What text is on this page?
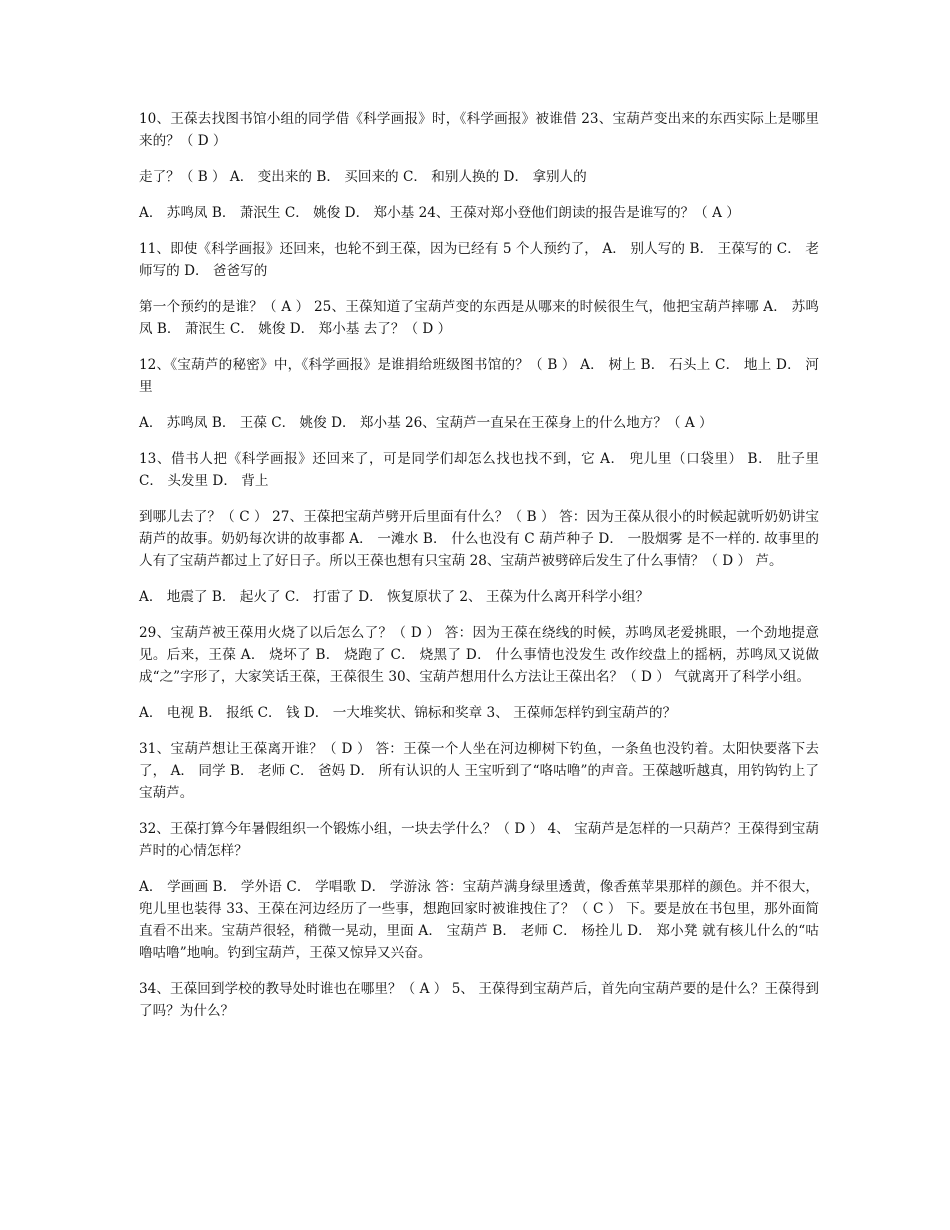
10、王葆去找图书馆小组的同学借《科学画报》时，《科学画报》被谁借 23、宝葫芦变出来的东西实际上是哪里来的？（ D ）

走了？（ B ） A． 变出来的 B． 买回来的 C． 和别人换的 D． 拿别人的

A． 苏鸣凤 B． 萧泯生 C． 姚俊 D． 郑小基 24、王葆对郑小登他们朗读的报告是谁写的？（ A ）

11、即使《科学画报》还回来，也轮不到王葆，因为已经有 5 个人预约了， A． 别人写的 B． 王葆写的 C． 老师写的 D． 爸爸写的

第一个预约的是谁？（ A ） 25、王葆知道了宝葫芦变的东西是从哪来的时候很生气，他把宝葫芦摔哪 A． 苏鸣凤 B． 萧泯生 C． 姚俊 D． 郑小基 去了？（ D ）

12、《宝葫芦的秘密》中，《科学画报》是谁捐给班级图书馆的？（ B ） A． 树上 B． 石头上 C． 地上 D． 河里

A． 苏鸣凤 B． 王葆 C． 姚俊 D． 郑小基 26、宝葫芦一直呆在王葆身上的什么地方？（ A ）

13、借书人把《科学画报》还回来了，可是同学们却怎么找也找不到，它 A． 兜儿里（口袋里） B． 肚子里 C． 头发里 D． 背上

到哪儿去了？（ C ） 27、王葆把宝葫芦劈开后里面有什么？（ B ） 答：因为王葆从很小的时候起就听奶奶讲宝葫芦的故事。奶奶每次讲的故事都 A． 一滩水 B． 什么也没有 C 葫芦种子 D． 一股烟雾 是不一样的. 故事里的人有了宝葫芦都过上了好日子。所以王葆也想有只宝葫 28、宝葫芦被劈碎后发生了什么事情？（ D ） 芦。

A． 地震了 B． 起火了 C． 打雷了 D． 恢复原状了 2、 王葆为什么离开科学小组？

29、宝葫芦被王葆用火烧了以后怎么了？（ D ） 答：因为王葆在绕线的时候，苏鸣凤老爱挑眼，一个劲地提意见。后来，王葆 A． 烧坏了 B． 烧跑了 C． 烧黑了 D． 什么事情也没发生 改作绞盘上的摇柄，苏鸣凤又说做成“之”字形了，大家笑话王葆，王葆很生 30、宝葫芦想用什么方法让王葆出名？（ D ） 气就离开了科学小组。

A． 电视 B． 报纸 C． 钱 D． 一大堆奖状、锦标和奖章 3、 王葆师怎样钓到宝葫芦的？

31、宝葫芦想让王葆离开谁？（ D ） 答：王葆一个人坐在河边柳树下钓鱼，一条鱼也没钓着。太阳快要落下去了， A． 同学 B． 老师 C． 爸妈 D． 所有认识的人 王宝听到了“咯咕噜”的声音。王葆越听越真，用钓钩钓上了宝葫芦。

32、王葆打算今年暑假组织一个锻炼小组，一块去学什么？（ D ） 4、 宝葫芦是怎样的一只葫芦？王葆得到宝葫芦时的心情怎样？

A． 学画画 B． 学外语 C． 学唱歌 D． 学游泳 答：宝葫芦满身绿里透黄，像香蕉苹果那样的颜色。并不很大，兜儿里也装得 33、王葆在河边经历了一些事，想跑回家时被谁拽住了？（ C ） 下。要是放在书包里，那外面简直看不出来。宝葫芦很轻，稍微一晃动，里面 A． 宝葫芦 B． 老师 C． 杨拴儿 D． 郑小凳 就有核儿什么的“咕噜咕噜”地响。钓到宝葫芦，王葆又惊异又兴奋。

34、王葆回到学校的教导处时谁也在哪里？（ A ） 5、 王葆得到宝葫芦后，首先向宝葫芦要的是什么？王葆得到了吗？为什么？
